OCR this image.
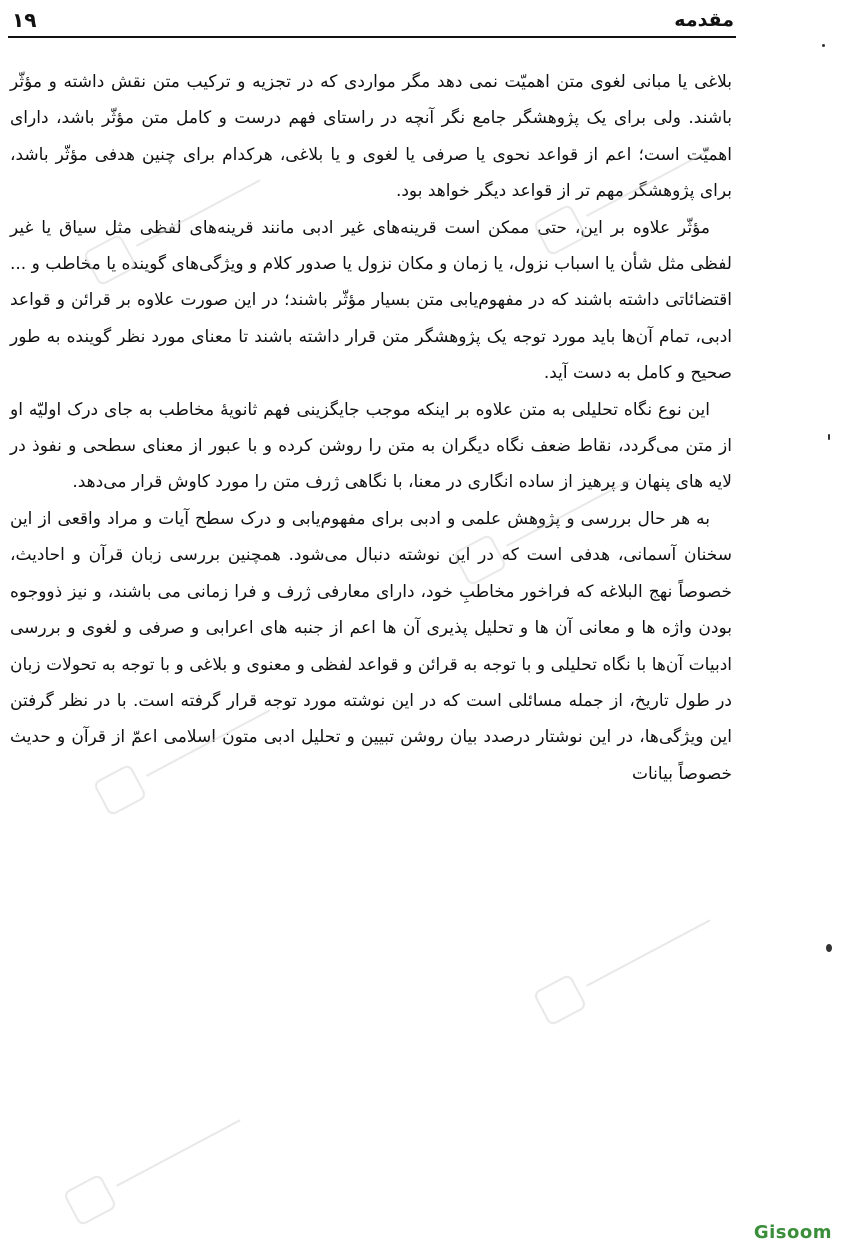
مقدمه
۱۹

بلاغی یا مبانی لغوی متن اهمیّت نمی دهد مگر مواردی که در تجزیه و ترکیب متن نقش داشته و مؤثّر باشند. ولی برای یک پژوهشگر جامع نگر آنچه در راستای فهم درست و کامل متن مؤثّر باشد، دارای اهمیّت است؛ اعم از قواعد نحوی یا صرفی یا لغوی و یا بلاغی، هرکدام برای چنین هدفی مؤثّر باشد، برای پژوهشگر مهم تر از قواعد دیگر خواهد بود.

مؤثّر علاوه بر این، حتی ممکن است قرینه‌های غیر ادبی مانند قرینه‌های لفظی مثل سیاق یا غیر لفظی مثل شأن یا اسباب نزول، یا زمان و مکان نزول یا صدور کلام و ویژگی‌های گوینده یا مخاطب و ... اقتضائاتی داشته باشند که در مفهوم‌یابی متن بسیار مؤثّر باشند؛ در این صورت علاوه بر قرائن و قواعد ادبی، تمام آن‌ها باید مورد توجه یک پژوهشگر متن قرار داشته باشند تا معنای مورد نظر گوینده به طور صحیح و کامل به دست آید.

این نوع نگاه تحلیلی به متن علاوه بر اینکه موجب جایگزینی فهم ثانویۀ مخاطب به جای درک اولیّه او از متن می‌گردد، نقاط ضعف نگاه دیگران به متن را روشن کرده و با عبور از معنای سطحی و نفوذ در لایه های پنهان و پرهیز از ساده انگاری در معنا، با نگاهی ژرف متن را مورد کاوش قرار می‌دهد.

به هر حال بررسی و پژوهش علمی و ادبی برای مفهوم‌یابی و درک سطح آیات و مراد واقعی از این سخنان آسمانی، هدفی است که در این نوشته دنبال می‌شود. همچنین بررسی زبان قرآن و احادیث، خصوصاً نهج البلاغه که فراخور مخاطبِ خود، دارای معارفی ژرف و فرا زمانی می باشند، و نیز ذووجوه بودن واژه ها و معانی آن ها و تحلیل پذیری آن ها اعم از جنبه های اعرابی و صرفی و لغوی و بررسی ادبیات آن‌ها با نگاه تحلیلی و با توجه به قرائن و قواعد لفظی و معنوی و بلاغی و با توجه به تحولات زبان در طول تاریخ، از جمله مسائلی است که در این نوشته مورد توجه قرار گرفته است. با در نظر گرفتن این ویژگی‌ها، در این نوشتار درصدد بیان روشن تبیین و تحلیل ادبی متون اسلامی اعمّ از قرآن و حدیث خصوصاً بیانات

Gisoom
